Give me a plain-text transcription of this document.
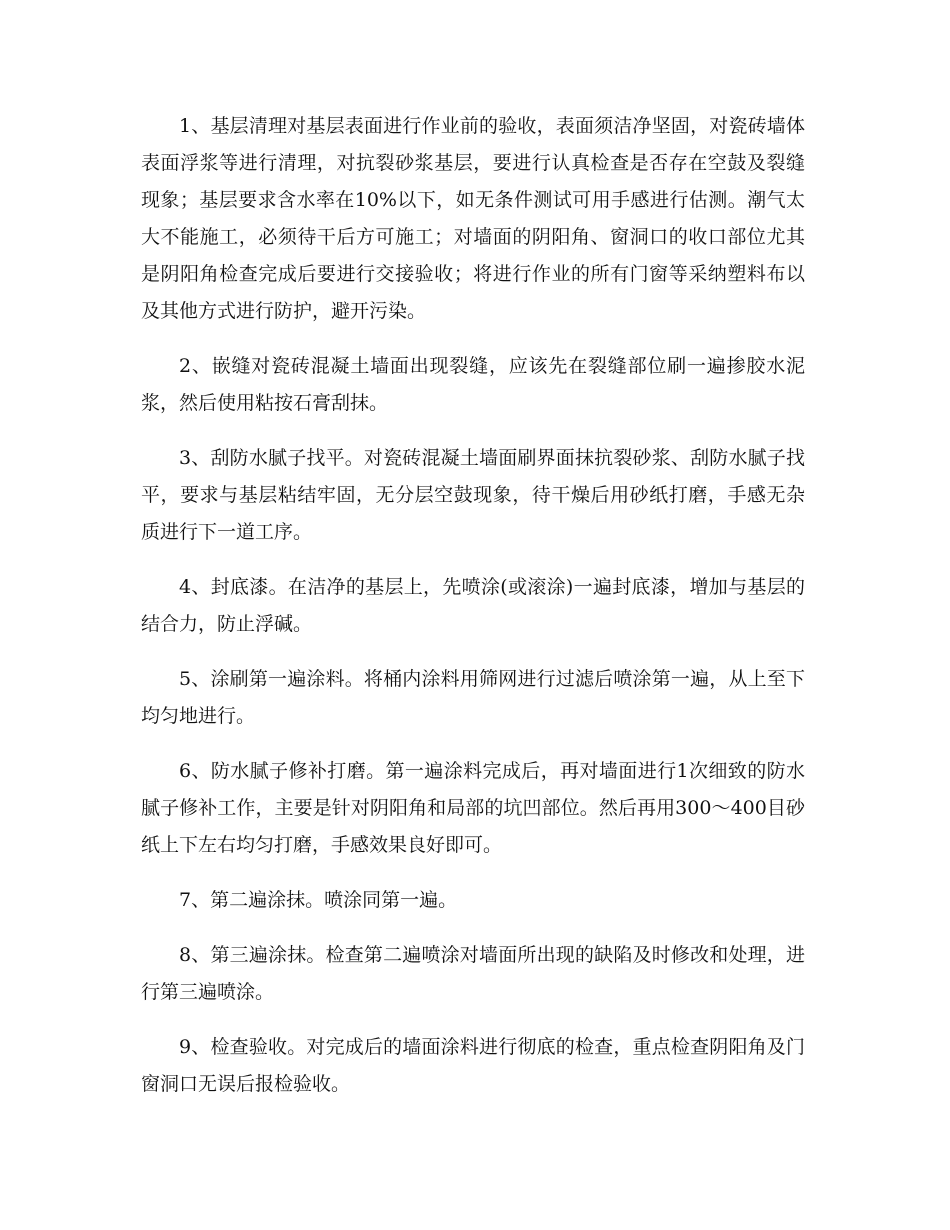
1、基层清理对基层表面进行作业前的验收，表面须洁净坚固，对瓷砖墙体表面浮浆等进行清理，对抗裂砂浆基层，要进行认真检查是否存在空鼓及裂缝现象；基层要求含水率在10%以下，如无条件测试可用手感进行估测。潮气太大不能施工，必须待干后方可施工；对墙面的阴阳角、窗洞口的收口部位尤其是阴阳角检查完成后要进行交接验收；将进行作业的所有门窗等采纳塑料布以及其他方式进行防护，避开污染。

2、嵌缝对瓷砖混凝土墙面出现裂缝，应该先在裂缝部位刷一遍掺胶水泥浆，然后使用粘按石膏刮抹。

3、刮防水腻子找平。对瓷砖混凝土墙面刷界面抹抗裂砂浆、刮防水腻子找平，要求与基层粘结牢固，无分层空鼓现象，待干燥后用砂纸打磨，手感无杂质进行下一道工序。

4、封底漆。在洁净的基层上，先喷涂(或滚涂)一遍封底漆，增加与基层的结合力，防止浮碱。

5、涂刷第一遍涂料。将桶内涂料用筛网进行过滤后喷涂第一遍，从上至下均匀地进行。

6、防水腻子修补打磨。第一遍涂料完成后，再对墙面进行1次细致的防水腻子修补工作，主要是针对阴阳角和局部的坑凹部位。然后再用300～400目砂纸上下左右均匀打磨，手感效果良好即可。

7、第二遍涂抹。喷涂同第一遍。

8、第三遍涂抹。检查第二遍喷涂对墙面所出现的缺陷及时修改和处理，进行第三遍喷涂。

9、检查验收。对完成后的墙面涂料进行彻底的检查，重点检查阴阳角及门窗洞口无误后报检验收。
